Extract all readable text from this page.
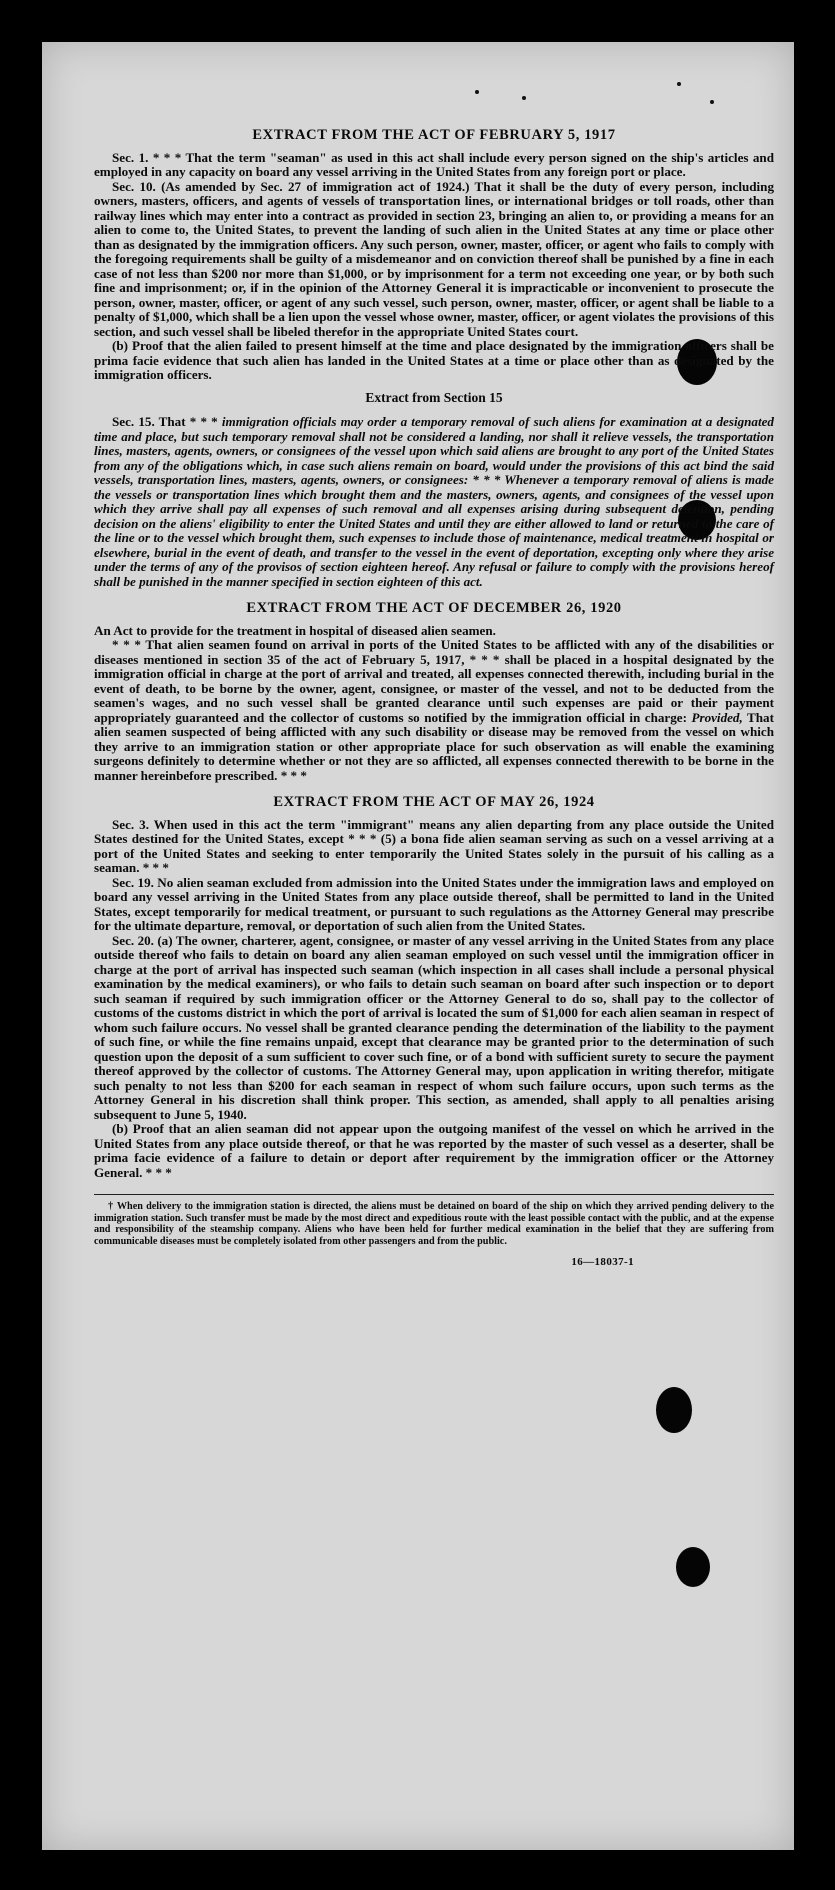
EXTRACT FROM THE ACT OF FEBRUARY 5, 1917

Sec. 1. * * * That the term "seaman" as used in this act shall include every person signed on the ship's articles and employed in any capacity on board any vessel arriving in the United States from any foreign port or place.

Sec. 10. (As amended by Sec. 27 of immigration act of 1924.) That it shall be the duty of every person, including owners, masters, officers, and agents of vessels of transportation lines, or international bridges or toll roads, other than railway lines which may enter into a contract as provided in section 23, bringing an alien to, or providing a means for an alien to come to, the United States, to prevent the landing of such alien in the United States at any time or place other than as designated by the immigration officers. Any such person, owner, master, officer, or agent who fails to comply with the foregoing requirements shall be guilty of a misdemeanor and on conviction thereof shall be punished by a fine in each case of not less than $200 nor more than $1,000, or by imprisonment for a term not exceeding one year, or by both such fine and imprisonment; or, if in the opinion of the Attorney General it is impracticable or inconvenient to prosecute the person, owner, master, officer, or agent of any such vessel, such person, owner, master, officer, or agent shall be liable to a penalty of $1,000, which shall be a lien upon the vessel whose owner, master, officer, or agent violates the provisions of this section, and such vessel shall be libeled therefor in the appropriate United States court.

(b) Proof that the alien failed to present himself at the time and place designated by the immigration officers shall be prima facie evidence that such alien has landed in the United States at a time or place other than as designated by the immigration officers.

Extract from Section 15

Sec. 15. That * * * immigration officials may order a temporary removal of such aliens for examination at a designated time and place, but such temporary removal shall not be considered a landing, nor shall it relieve vessels, the transportation lines, masters, agents, owners, or consignees of the vessel upon which said aliens are brought to any port of the United States from any of the obligations which, in case such aliens remain on board, would under the provisions of this act bind the said vessels, transportation lines, masters, agents, owners, or consignees: * * * Whenever a temporary removal of aliens is made the vessels or transportation lines which brought them and the masters, owners, agents, and consignees of the vessel upon which they arrive shall pay all expenses of such removal and all expenses arising during subsequent detention, pending decision on the aliens' eligibility to enter the United States and until they are either allowed to land or returned to the care of the line or to the vessel which brought them, such expenses to include those of maintenance, medical treatment in hospital or elsewhere, burial in the event of death, and transfer to the vessel in the event of deportation, excepting only where they arise under the terms of any of the provisos of section eighteen hereof. Any refusal or failure to comply with the provisions hereof shall be punished in the manner specified in section eighteen of this act.

EXTRACT FROM THE ACT OF DECEMBER 26, 1920

An Act to provide for the treatment in hospital of diseased alien seamen.

* * * That alien seamen found on arrival in ports of the United States to be afflicted with any of the disabilities or diseases mentioned in section 35 of the act of February 5, 1917, * * * shall be placed in a hospital designated by the immigration official in charge at the port of arrival and treated, all expenses connected therewith, including burial in the event of death, to be borne by the owner, agent, consignee, or master of the vessel, and not to be deducted from the seamen's wages, and no such vessel shall be granted clearance until such expenses are paid or their payment appropriately guaranteed and the collector of customs so notified by the immigration official in charge: Provided, That alien seamen suspected of being afflicted with any such disability or disease may be removed from the vessel on which they arrive to an immigration station or other appropriate place for such observation as will enable the examining surgeons definitely to determine whether or not they are so afflicted, all expenses connected therewith to be borne in the manner hereinbefore prescribed. * * *

EXTRACT FROM THE ACT OF MAY 26, 1924

Sec. 3. When used in this act the term "immigrant" means any alien departing from any place outside the United States destined for the United States, except * * * (5) a bona fide alien seaman serving as such on a vessel arriving at a port of the United States and seeking to enter temporarily the United States solely in the pursuit of his calling as a seaman. * * *

Sec. 19. No alien seaman excluded from admission into the United States under the immigration laws and employed on board any vessel arriving in the United States from any place outside thereof, shall be permitted to land in the United States, except temporarily for medical treatment, or pursuant to such regulations as the Attorney General may prescribe for the ultimate departure, removal, or deportation of such alien from the United States.

Sec. 20. (a) The owner, charterer, agent, consignee, or master of any vessel arriving in the United States from any place outside thereof who fails to detain on board any alien seaman employed on such vessel until the immigration officer in charge at the port of arrival has inspected such seaman (which inspection in all cases shall include a personal physical examination by the medical examiners), or who fails to detain such seaman on board after such inspection or to deport such seaman if required by such immigration officer or the Attorney General to do so, shall pay to the collector of customs of the customs district in which the port of arrival is located the sum of $1,000 for each alien seaman in respect of whom such failure occurs. No vessel shall be granted clearance pending the determination of the liability to the payment of such fine, or while the fine remains unpaid, except that clearance may be granted prior to the determination of such question upon the deposit of a sum sufficient to cover such fine, or of a bond with sufficient surety to secure the payment thereof approved by the collector of customs. The Attorney General may, upon application in writing therefor, mitigate such penalty to not less than $200 for each seaman in respect of whom such failure occurs, upon such terms as the Attorney General in his discretion shall think proper. This section, as amended, shall apply to all penalties arising subsequent to June 5, 1940.

(b) Proof that an alien seaman did not appear upon the outgoing manifest of the vessel on which he arrived in the United States from any place outside thereof, or that he was reported by the master of such vessel as a deserter, shall be prima facie evidence of a failure to detain or deport after requirement by the immigration officer or the Attorney General. * * *

† When delivery to the immigration station is directed, the aliens must be detained on board of the ship on which they arrived pending delivery to the immigration station. Such transfer must be made by the most direct and expeditious route with the least possible contact with the public, and at the expense and responsibility of the steamship company. Aliens who have been held for further medical examination in the belief that they are suffering from communicable diseases must be completely isolated from other passengers and from the public.

16—18037-1
